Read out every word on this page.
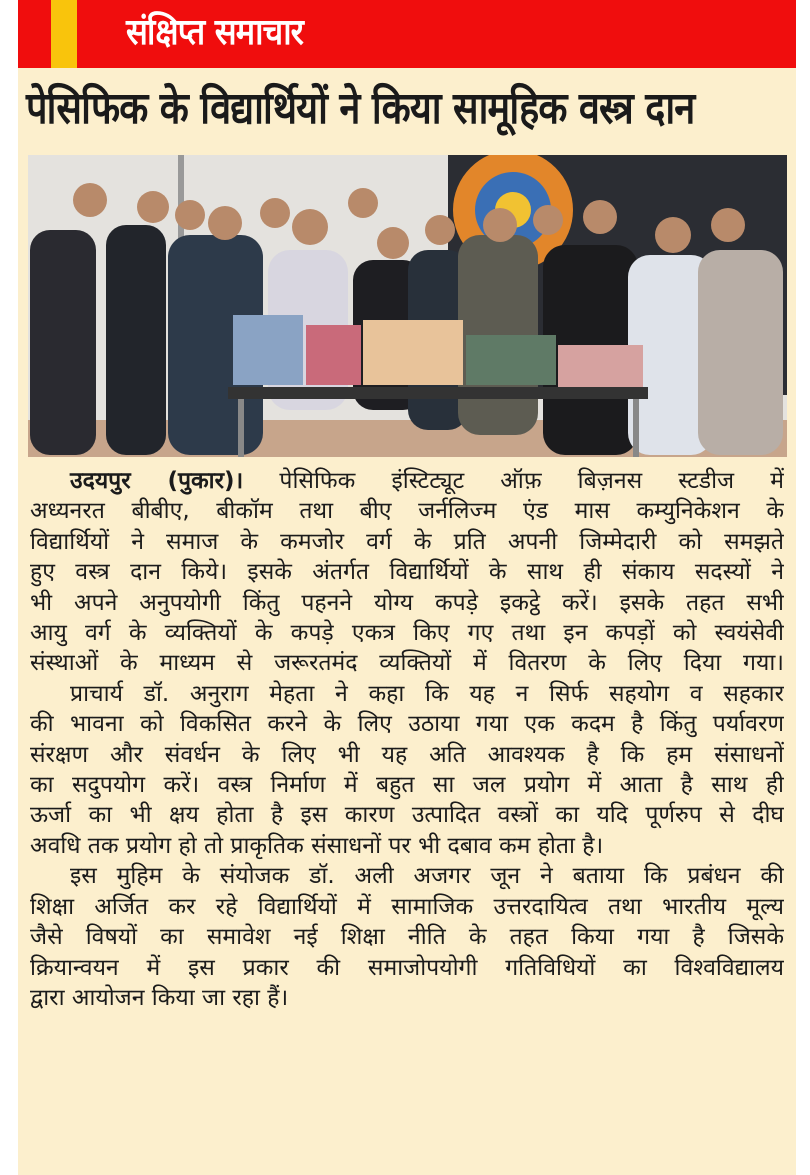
संक्षिप्त समाचार
पेसिफिक के विद्यार्थियों ने किया सामूहिक वस्त्र दान
उदयपुर (पुकार)। पेसिफिक इंस्टिट्यूट ऑफ़ बिज़नस स्टडीज में
अध्यनरत बीबीए, बीकॉम तथा बीए जर्नलिज्म एंड मास कम्युनिकेशन के
विद्यार्थियों ने समाज के कमजोर वर्ग के प्रति अपनी जिम्मेदारी को समझते
हुए वस्त्र दान किये। इसके अंतर्गत विद्यार्थियों के साथ ही संकाय सदस्यों ने
भी अपने अनुपयोगी किंतु पहनने योग्य कपड़े इकट्ठे करें। इसके तहत सभी
आयु वर्ग के व्यक्तियों के कपड़े एकत्र किए गए तथा इन कपड़ों को स्वयंसेवी
संस्थाओं के माध्यम से जरूरतमंद व्यक्तियों में वितरण के लिए दिया गया।
प्राचार्य डॉ. अनुराग मेहता ने कहा कि यह न सिर्फ सहयोग व सहकार
की भावना को विकसित करने के लिए उठाया गया एक कदम है किंतु पर्यावरण
संरक्षण और संवर्धन के लिए भी यह अति आवश्यक है कि हम संसाधनों
का सदुपयोग करें। वस्त्र निर्माण में बहुत सा जल प्रयोग में आता है साथ ही
ऊर्जा का भी क्षय होता है इस कारण उत्पादित वस्त्रों का यदि पूर्णरुप से दीघ
अवधि तक प्रयोग हो तो प्राकृतिक संसाधनों पर भी दबाव कम होता है।
इस मुहिम के संयोजक डॉ. अली अजगर जून ने बताया कि प्रबंधन की
शिक्षा अर्जित कर रहे विद्यार्थियों में सामाजिक उत्तरदायित्व तथा भारतीय मूल्य
जैसे विषयों का समावेश नई शिक्षा नीति के तहत किया गया है जिसके
क्रियान्वयन में इस प्रकार की समाजोपयोगी गतिविधियों का विश्वविद्यालय
द्वारा आयोजन किया जा रहा हैं।
